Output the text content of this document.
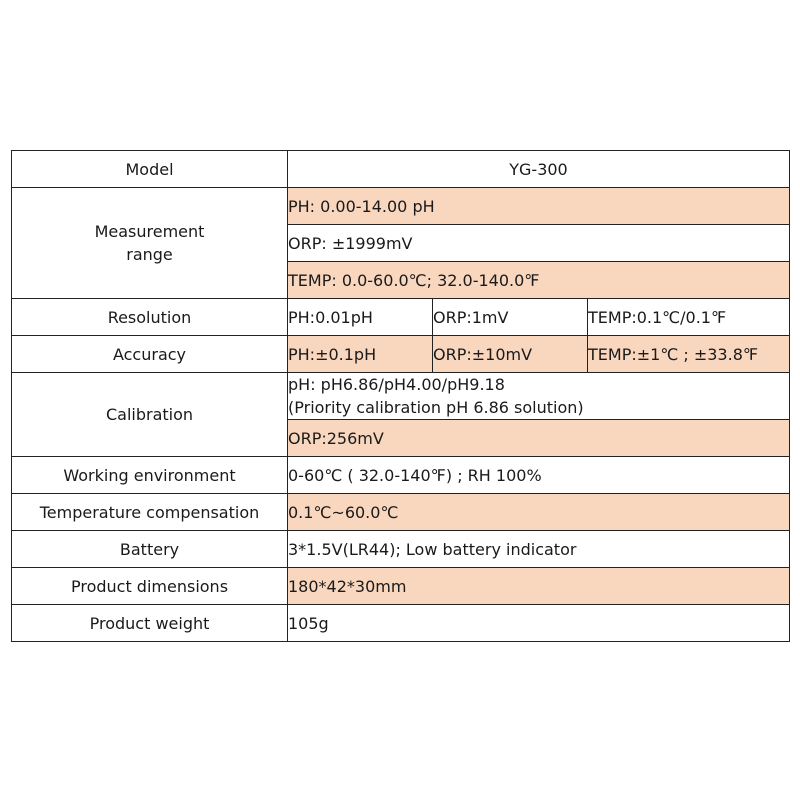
Model	YG-300		
Measurement
range	PH: 0.00-14.00 pH		
	ORP: ±1999mV		
	TEMP: 0.0-60.0℃; 32.0-140.0℉		
Resolution	PH:0.01pH	ORP:1mV	TEMP:0.1℃/0.1℉
Accuracy	PH:±0.1pH	ORP:±10mV	TEMP:±1℃ ; ±33.8℉
Calibration	pH: pH6.86/pH4.00/pH9.18
(Priority calibration pH 6.86 solution)		
	ORP:256mV		
Working environment	0-60℃ ( 32.0-140℉) ; RH 100%		
Temperature compensation	0.1℃~60.0℃		
Battery	3*1.5V(LR44); Low battery indicator		
Product dimensions	180*42*30mm		
Product weight	105g		
